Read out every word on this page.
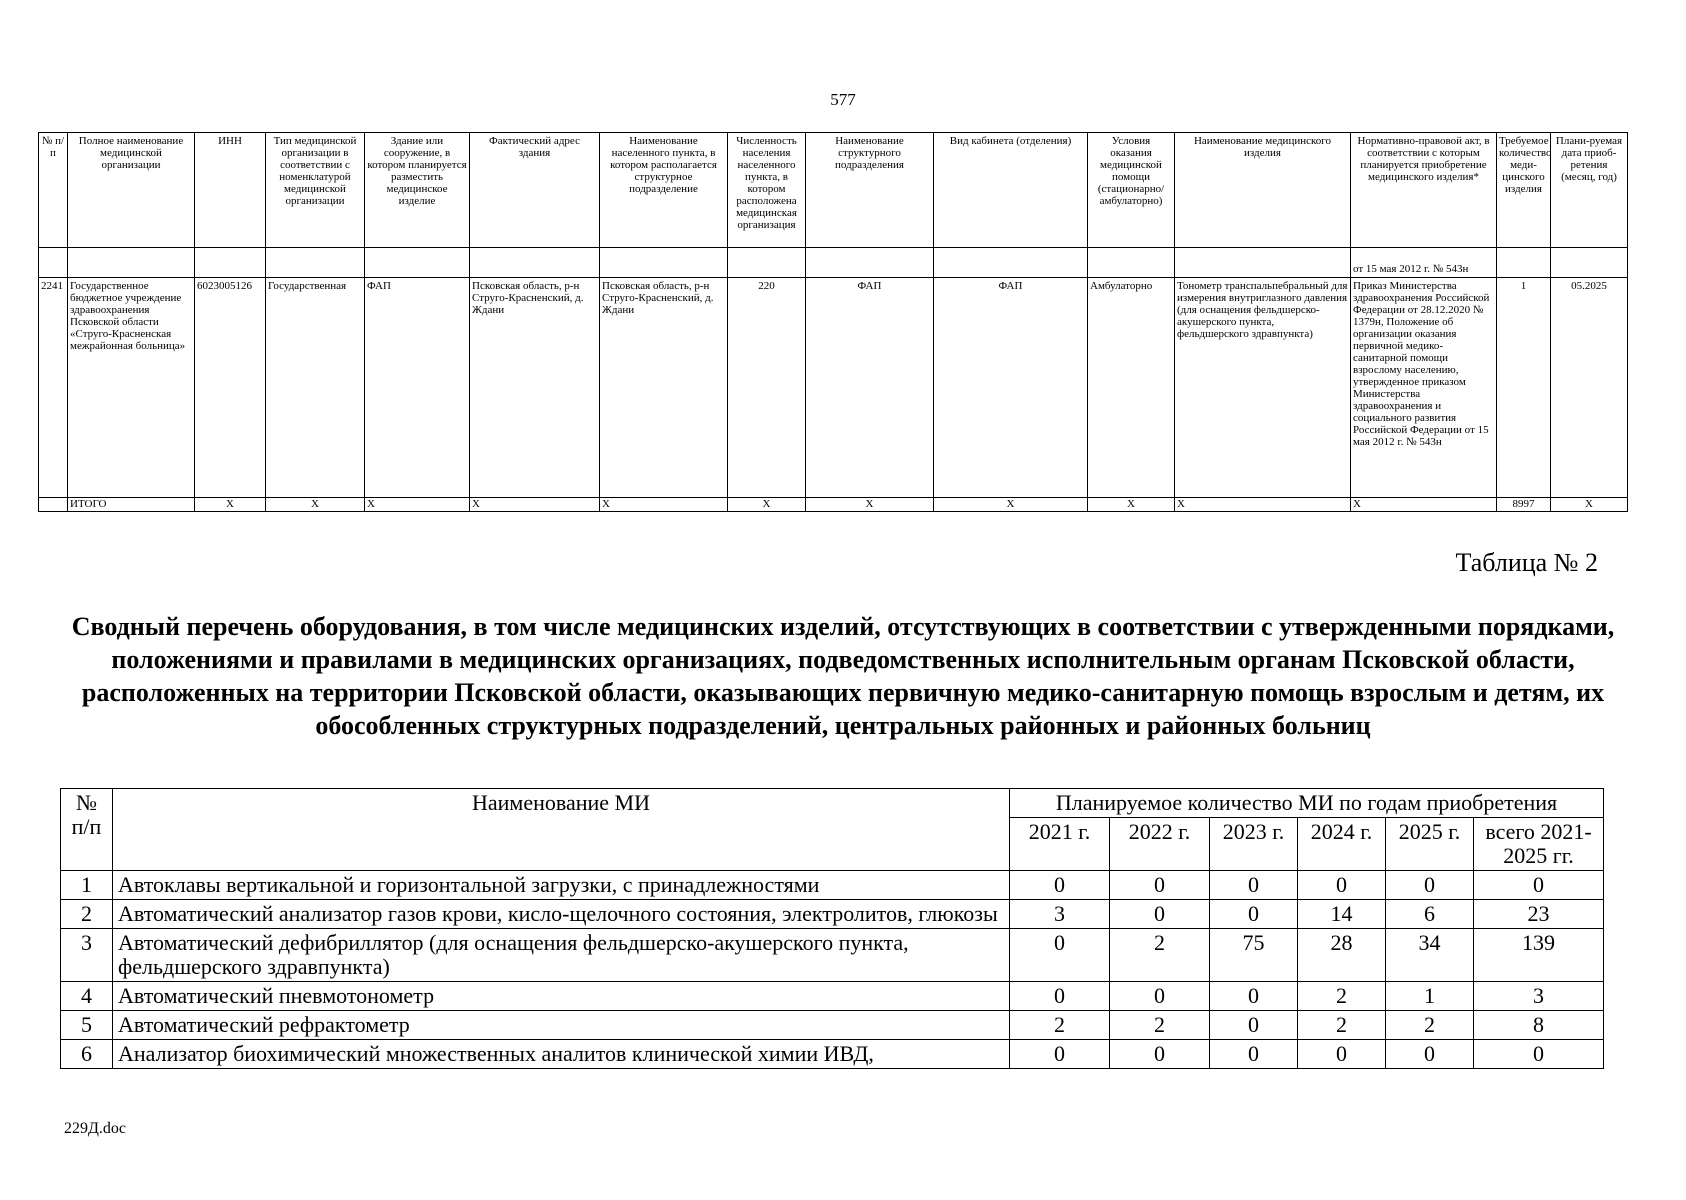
577
№ п/п	Полное наименование медицинской организации	ИНН	Тип медицинской организации в соответствии с номенклатурой медицинской организации	Здание или сооружение, в котором планируется разместить медицинское изделие	Фактический адрес здания	Наименование населенного пункта, в котором располагается структурное подразделение	Численность населения населенного пункта, в котором расположена медицинская организация	Наименование структурного подразделения	Вид кабинета (отделения)	Условия оказания медицинской помощи (стационарно/ амбулаторно)	Наименование медицинского изделия	Нормативно-правовой акт, в соответствии с которым планируется приобретение медицинского изделия*	Требуемое количество меди-цинского изделия	Плани-руемая дата приоб-ретения (месяц, год)
												от 15 мая 2012 г. № 543н		
2241	Государственное бюджетное учреждение здравоохранения Псковской области «Струго-Красненская межрайонная больница»	6023005126	Государственная	ФАП	Псковская область, р-н Струго-Красненский, д. Ждани	Псковская область, р-н Струго-Красненский, д. Ждани	220	ФАП	ФАП	Амбулаторно	Тонометр транспальпебральный для измерения внутриглазного давления (для оснащения фельдшерско-акушерского пункта, фельдшерского здравпункта)	Приказ Министерства здравоохранения Российской Федерации от 28.12.2020 № 1379н, Положение об организации оказания первичной медико-санитарной помощи взрослому населению, утвержденное приказом Министерства здравоохранения и социального развития Российской Федерации от 15 мая 2012 г. № 543н	1	05.2025
	ИТОГО	Х	Х	Х	Х	Х	Х	Х	Х	Х	Х	Х	8997	Х
Таблица № 2
Сводный перечень оборудования, в том числе медицинских изделий, отсутствующих в соответствии с утвержденными порядками, положениями и правилами в медицинских организациях, подведомственных исполнительным органам Псковской области, расположенных на территории Псковской области, оказывающих первичную медико-санитарную помощь взрослым и детям, их обособленных структурных подразделений, центральных районных и районных больниц
№ п/п	Наименование МИ	Планируемое количество МИ по годам приобретения					
		2021 г.	2022 г.	2023 г.	2024 г.	2025 г.	всего 2021-2025 гг.
1	Автоклавы вертикальной и горизонтальной загрузки, с принадлежностями	0	0	0	0	0	0
2	Автоматический анализатор газов крови, кисло-щелочного состояния, электролитов, глюкозы	3	0	0	14	6	23
3	Автоматический дефибриллятор (для оснащения фельдшерско-акушерского пункта, фельдшерского здравпункта)	0	2	75	28	34	139
4	Автоматический пневмотонометр	0	0	0	2	1	3
5	Автоматический рефрактометр	2	2	0	2	2	8
6	Анализатор биохимический множественных аналитов клинической химии ИВД,	0	0	0	0	0	0
229Д.doc
